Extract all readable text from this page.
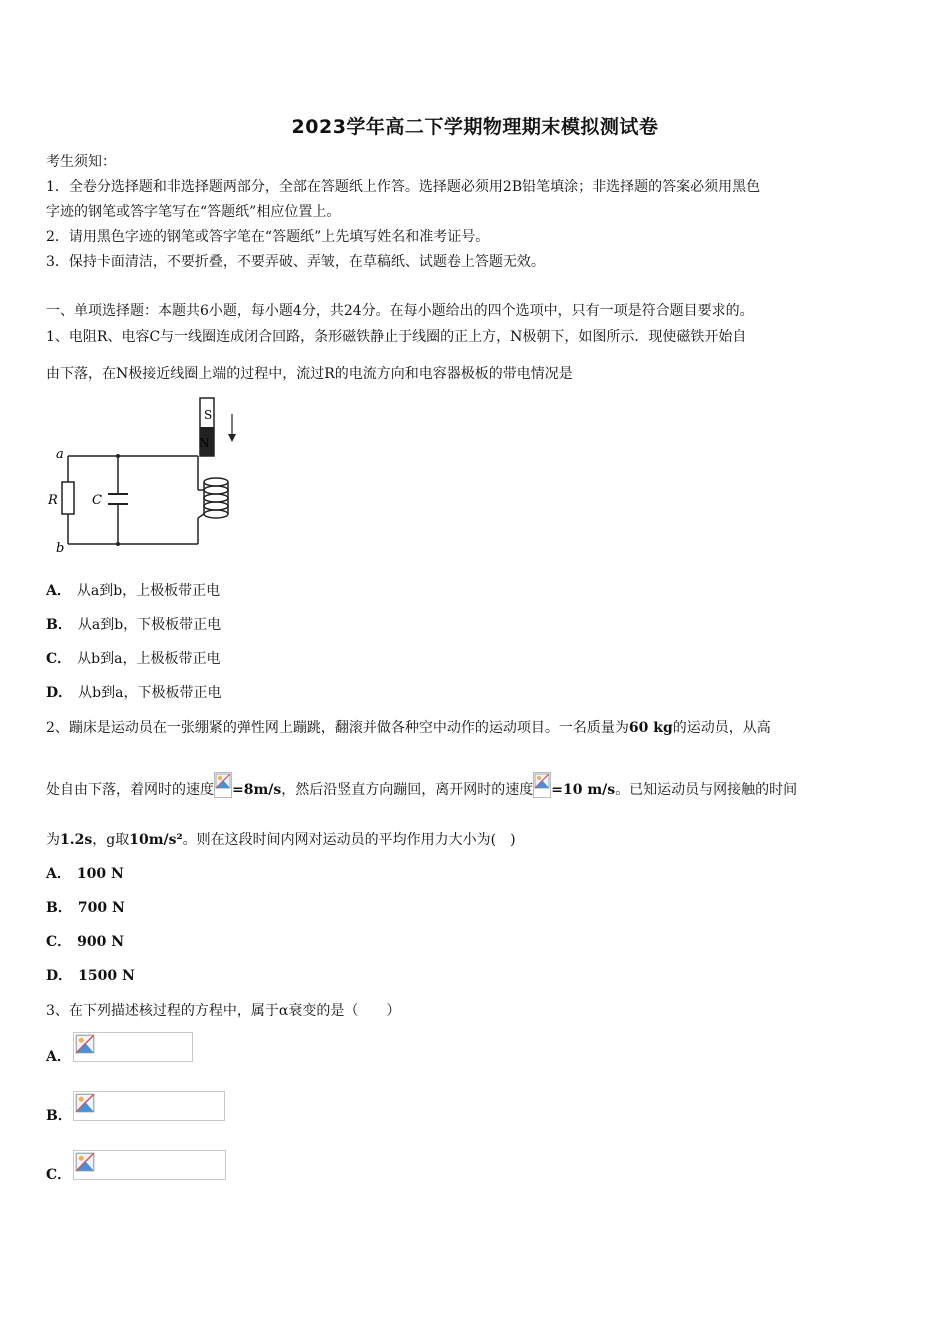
2023学年高二下学期物理期末模拟测试卷
考生须知：
1．全卷分选择题和非选择题两部分，全部在答题纸上作答。选择题必须用2B铅笔填涂；非选择题的答案必须用黑色
字迹的钢笔或答字笔写在“答题纸”相应位置上。
2．请用黑色字迹的钢笔或答字笔在“答题纸”上先填写姓名和准考证号。
3．保持卡面清洁，不要折叠，不要弄破、弄皱，在草稿纸、试题卷上答题无效。
一、单项选择题：本题共6小题，每小题4分，共24分。在每小题给出的四个选项中，只有一项是符合题目要求的。
1、电阻R、电容C与一线圈连成闭合回路，条形磁铁静止于线圈的正上方，N极朝下，如图所示．现使磁铁开始自
由下落，在N极接近线圈上端的过程中，流过R的电流方向和电容器极板的带电情况是
S
N
a
b
R	C
A． 从a到b，上极板带正电
B． 从a到b，下极板带正电
C． 从b到a，上极板带正电
D． 从b到a，下极板带正电
2、蹦床是运动员在一张绷紧的弹性网上蹦跳，翻滚并做各种空中动作的运动项目。一名质量为60 kg的运动员，从高
处自由下落，着网时的速度 =8m/s，然后沿竖直方向蹦回，离开网时的速度 =10 m/s。已知运动员与网接触的时间
为1.2s，g取10m/s²。则在这段时间内网对运动员的平均作用力大小为(　)
A． 100 N
B． 700 N
C． 900 N
D． 1500 N
3、在下列描述核过程的方程中，属于α衰变的是（　　）
A．
B．
C．
